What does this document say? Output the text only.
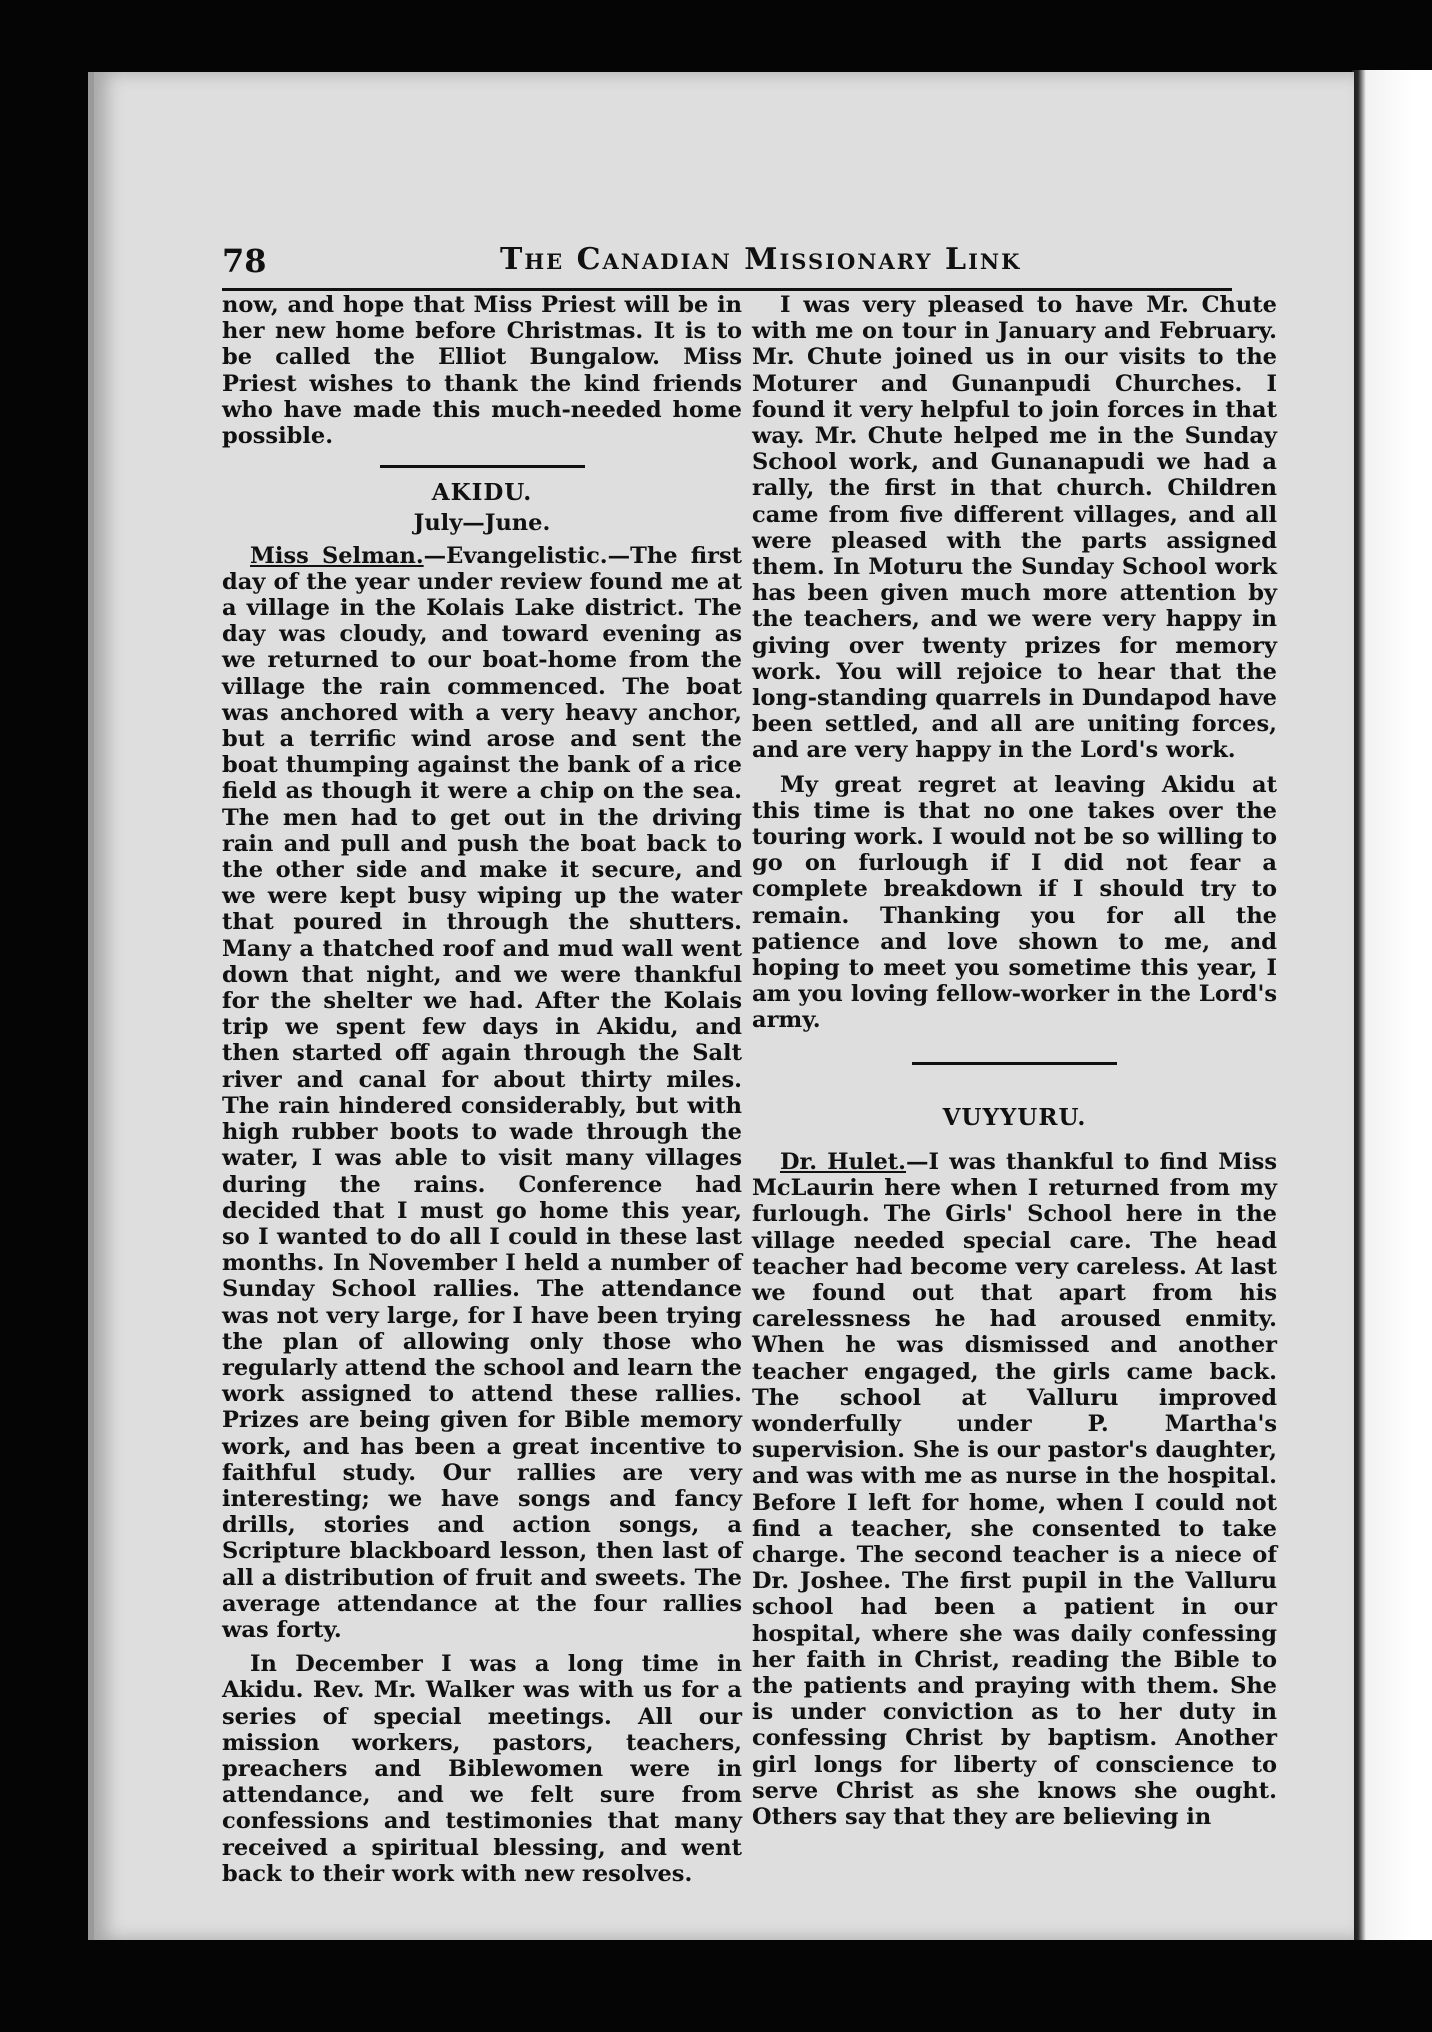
78	The Canadian Missionary Link

now, and hope that Miss Priest will be in her new home before Christmas. It is to be called the Elliot Bungalow. Miss Priest wishes to thank the kind friends who have made this much-needed home possible.

AKIDU.
July—June.

Miss Selman.—Evangelistic.—The first day of the year under review found me at a village in the Kolais Lake district. The day was cloudy, and toward evening as we returned to our boat-home from the village the rain commenced. The boat was anchored with a very heavy anchor, but a terrific wind arose and sent the boat thumping against the bank of a rice field as though it were a chip on the sea. The men had to get out in the driving rain and pull and push the boat back to the other side and make it secure, and we were kept busy wiping up the water that poured in through the shutters. Many a thatched roof and mud wall went down that night, and we were thankful for the shelter we had. After the Kolais trip we spent few days in Akidu, and then started off again through the Salt river and canal for about thirty miles. The rain hindered considerably, but with high rubber boots to wade through the water, I was able to visit many villages during the rains. Conference had decided that I must go home this year, so I wanted to do all I could in these last months. In November I held a number of Sunday School rallies. The attendance was not very large, for I have been trying the plan of allowing only those who regularly attend the school and learn the work assigned to attend these rallies. Prizes are being given for Bible memory work, and has been a great incentive to faithful study. Our rallies are very interesting; we have songs and fancy drills, stories and action songs, a Scripture blackboard lesson, then last of all a distribution of fruit and sweets. The average attendance at the four rallies was forty.

In December I was a long time in Akidu. Rev. Mr. Walker was with us for a series of special meetings. All our mission workers, pastors, teachers, preachers and Biblewomen were in attendance, and we felt sure from confessions and testimonies that many received a spiritual blessing, and went back to their work with new resolves.

I was very pleased to have Mr. Chute with me on tour in January and February. Mr. Chute joined us in our visits to the Moturer and Gunanpudi Churches. I found it very helpful to join forces in that way. Mr. Chute helped me in the Sunday School work, and Gunanapudi we had a rally, the first in that church. Children came from five different villages, and all were pleased with the parts assigned them. In Moturu the Sunday School work has been given much more attention by the teachers, and we were very happy in giving over twenty prizes for memory work. You will rejoice to hear that the long-standing quarrels in Dundapod have been settled, and all are uniting forces, and are very happy in the Lord's work.

My great regret at leaving Akidu at this time is that no one takes over the touring work. I would not be so willing to go on furlough if I did not fear a complete breakdown if I should try to remain. Thanking you for all the patience and love shown to me, and hoping to meet you sometime this year, I am you loving fellow-worker in the Lord's army.

VUYYURU.

Dr. Hulet.—I was thankful to find Miss McLaurin here when I returned from my furlough. The Girls' School here in the village needed special care. The head teacher had become very careless. At last we found out that apart from his carelessness he had aroused enmity. When he was dismissed and another teacher engaged, the girls came back. The school at Valluru improved wonderfully under P. Martha's supervision. She is our pastor's daughter, and was with me as nurse in the hospital. Before I left for home, when I could not find a teacher, she consented to take charge. The second teacher is a niece of Dr. Joshee. The first pupil in the Valluru school had been a patient in our hospital, where she was daily confessing her faith in Christ, reading the Bible to the patients and praying with them. She is under conviction as to her duty in confessing Christ by baptism. Another girl longs for liberty of conscience to serve Christ as she knows she ought. Others say that they are believing in
